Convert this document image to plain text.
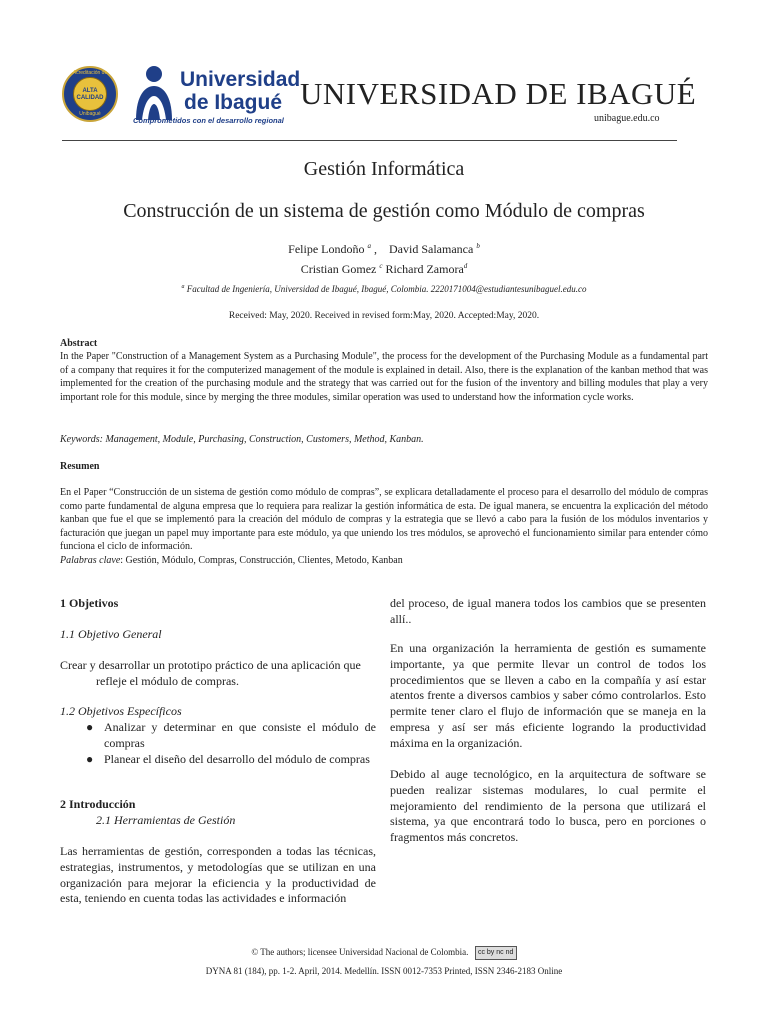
Acreditación de
ALTA
CALIDAD
Unibagué
Universidad
de Ibagué
Comprometidos con el desarrollo regional
UNIVERSIDAD DE IBAGUÉ
unibague.edu.co
Gestión Informática
Construcción de un sistema de gestión como Módulo de compras
Felipe Londoño $^a$ ,    David Salamanca $^b$
Cristian Gomez $^c$ Richard Zamora$^d$
$^a$ Facultad de Ingeniería, Universidad de Ibagué, Ibagué, Colombia. 2220171004@estudiantesunibaguel.edu.co
Received: May, 2020. Received in revised form:May, 2020. Accepted:May, 2020.
Abstract
In the Paper "Construction of a Management System as a Purchasing Module", the process for the development of the Purchasing Module as a fundamental part of a company that requires it for the computerized management of the module is explained in detail. Also, there is the explanation of the kanban method that was implemented for the creation of the purchasing module and the strategy that was carried out for the fusion of the inventory and billing modules that play a very important role for this module, since by merging the three modules, similar operation was used to understand how the information cycle works.
Keywords: Management, Module, Purchasing, Construction, Customers, Method, Kanban.
Resumen
En el Paper “Construcción de un sistema de gestión como módulo de compras”, se explicara detalladamente el proceso para el desarrollo del módulo de compras como parte fundamental de alguna empresa que lo requiera para realizar la gestión informática de esta. De igual manera, se encuentra la explicación del método kanban que fue el que se implementó para la creación del módulo de compras y la estrategia que se llevó a cabo para la fusión de los módulos inventarios y facturación que juegan un papel muy importante para este módulo, ya que uniendo los tres módulos, se aprovechó el funcionamiento similar para entender cómo funciona el ciclo de información.
Palabras clave: Gestión, Módulo, Compras, Construcción, Clientes, Metodo, Kanban
1 Objetivos
1.1 Objetivo General
Crear y desarrollar un prototipo práctico de una aplicación que refleje el módulo de compras.
1.2 Objetivos Específicos
● Analizar y determinar en que consiste el módulo de compras
● Planear el diseño del desarrollo del módulo de compras
2 Introducción
2.1 Herramientas de Gestión
Las herramientas de gestión, corresponden a todas las técnicas, estrategias, instrumentos, y metodologías que se utilizan en una organización para mejorar la eficiencia y la productividad de esta, teniendo en cuenta todas las actividades e información
del proceso, de igual manera todos los cambios que se presenten allí..
En una organización la herramienta de gestión es sumamente importante, ya que permite llevar un control de todos los procedimientos que se lleven a cabo en la compañía y así estar atentos frente a diversos cambios y saber cómo controlarlos. Esto permite tener claro el flujo de información que se maneja en la empresa y así ser más eficiente logrando la productividad máxima en la organización.
Debido al auge tecnológico, en la arquitectura de software se pueden realizar sistemas modulares, lo cual permite el mejoramiento del rendimiento de la persona que utilizará el sistema, ya que encontrará todo lo busca, pero en porciones o fragmentos más concretos.
© The authors; licensee Universidad Nacional de Colombia. cc by nc nd
DYNA 81 (184), pp. 1-2. April, 2014. Medellín. ISSN 0012-7353 Printed, ISSN 2346-2183 Online
